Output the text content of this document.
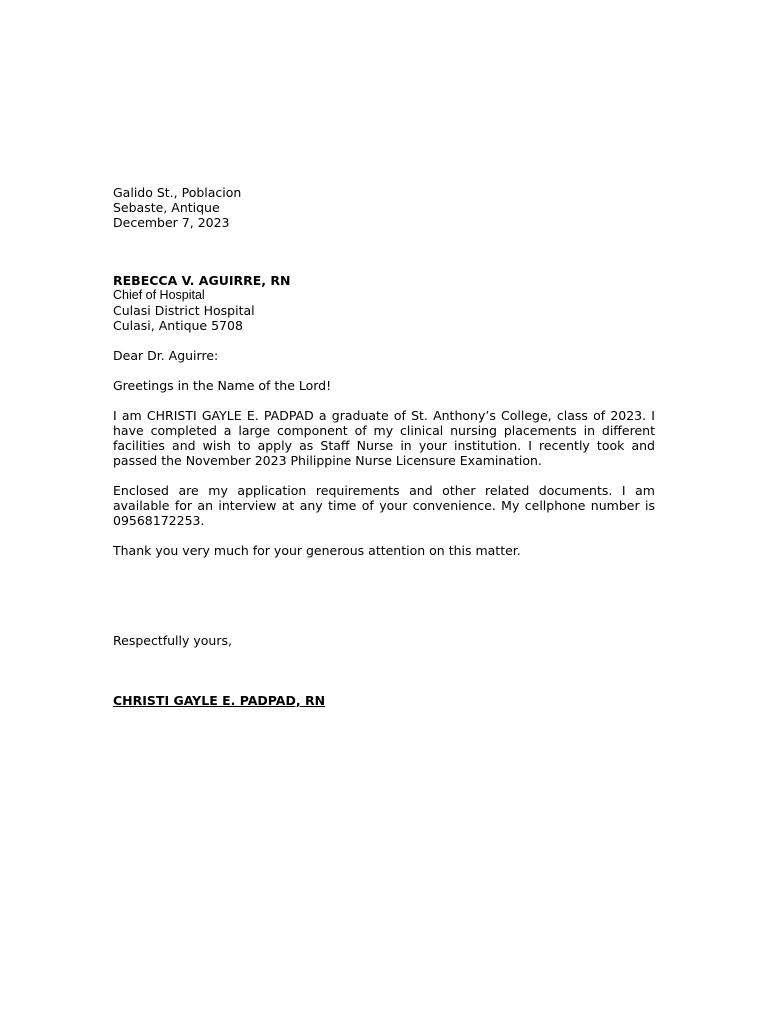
Galido St., Poblacion
Sebaste, Antique
December 7, 2023
REBECCA V. AGUIRRE, RN
Chief of Hospital
Culasi District Hospital
Culasi, Antique 5708
Dear Dr. Aguirre:
Greetings in the Name of the Lord!

I am CHRISTI GAYLE E. PADPAD a graduate of St. Anthony’s College, class of 2023. I have completed a large component of my clinical nursing placements in different facilities and wish to apply as Staff Nurse in your institution. I recently took and passed the November 2023 Philippine Nurse Licensure Examination.

Enclosed are my application requirements and other related documents. I am available for an interview at any time of your convenience. My cellphone number is 09568172253.

Thank you very much for your generous attention on this matter.

Respectfully yours,
CHRISTI GAYLE E. PADPAD, RN
